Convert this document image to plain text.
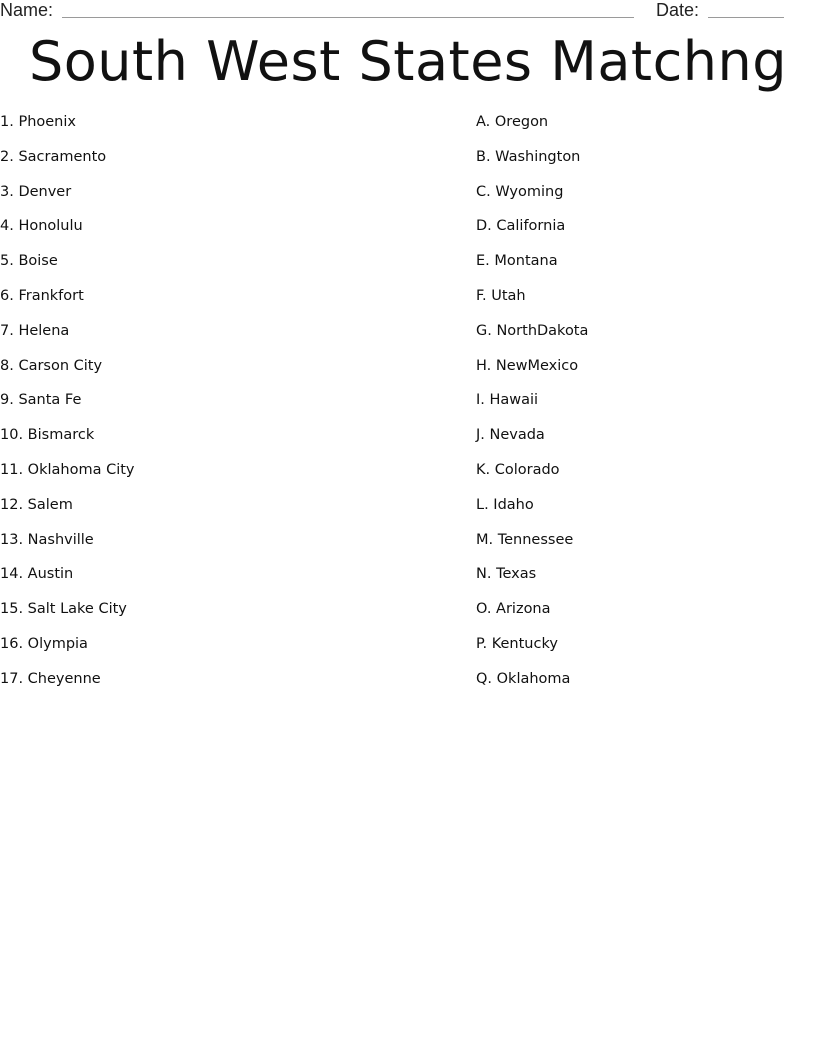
Name:	Date:
South West States Matchng
1. Phoenix
2. Sacramento
3. Denver
4. Honolulu
5. Boise
6. Frankfort
7. Helena
8. Carson City
9. Santa Fe
10. Bismarck
11. Oklahoma City
12. Salem
13. Nashville
14. Austin
15. Salt Lake City
16. Olympia
17. Cheyenne
A. Oregon
B. Washington
C. Wyoming
D. California
E. Montana
F. Utah
G. NorthDakota
H. NewMexico
I. Hawaii
J. Nevada
K. Colorado
L. Idaho
M. Tennessee
N. Texas
O. Arizona
P. Kentucky
Q. Oklahoma
